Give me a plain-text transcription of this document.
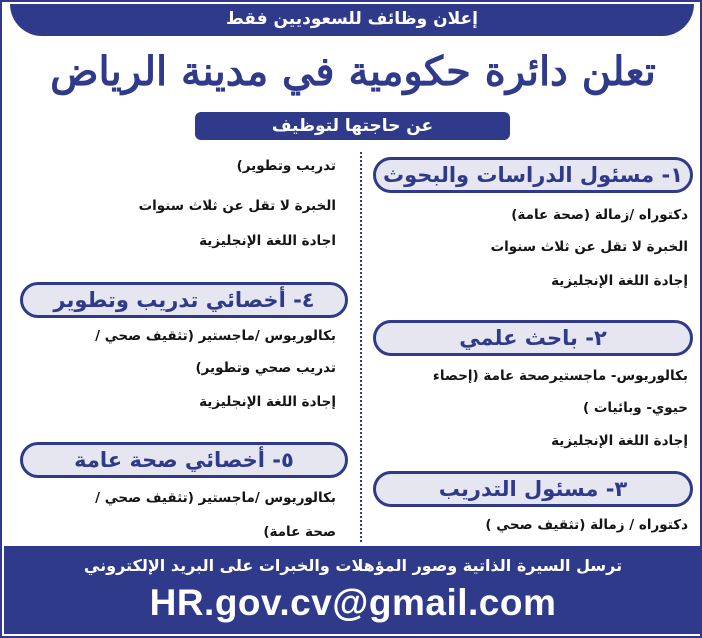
إعلان وظائف للسعوديين فقط
تعلن دائرة حكومية في مدينة الرياض
عن حاجتها لتوظيف
١- مسئول الدراسات والبحوث
دكتوراه /زمالة (صحة عامة)
الخبرة لا تقل عن ثلاث سنوات
إجادة اللغة الإنجليزية
٢- باحث علمي
بكالوريوس- ماجستيرصحة عامة (إحصاء
حيوي- وبائيات )
إجادة اللغة الإنجليزية
٣- مسئول التدريب
دكتوراه / زمالة (تثقيف صحي )
تدريب وتطوير)
الخبرة لا تقل عن ثلاث سنوات
اجادة اللغة الإنجليزية
٤- أخصائي تدريب وتطوير
بكالوريوس /ماجستير (تثقيف صحي /
تدريب صحي وتطوير)
إجادة اللغة الإنجليزية
٥- أخصائي صحة عامة
بكالوريوس /ماجستير (تثقيف صحي /
صحة عامة)
ترسل السيرة الذاتية وصور المؤهلات والخبرات على البريد الإلكتروني
HR.gov.cv@gmail.com
